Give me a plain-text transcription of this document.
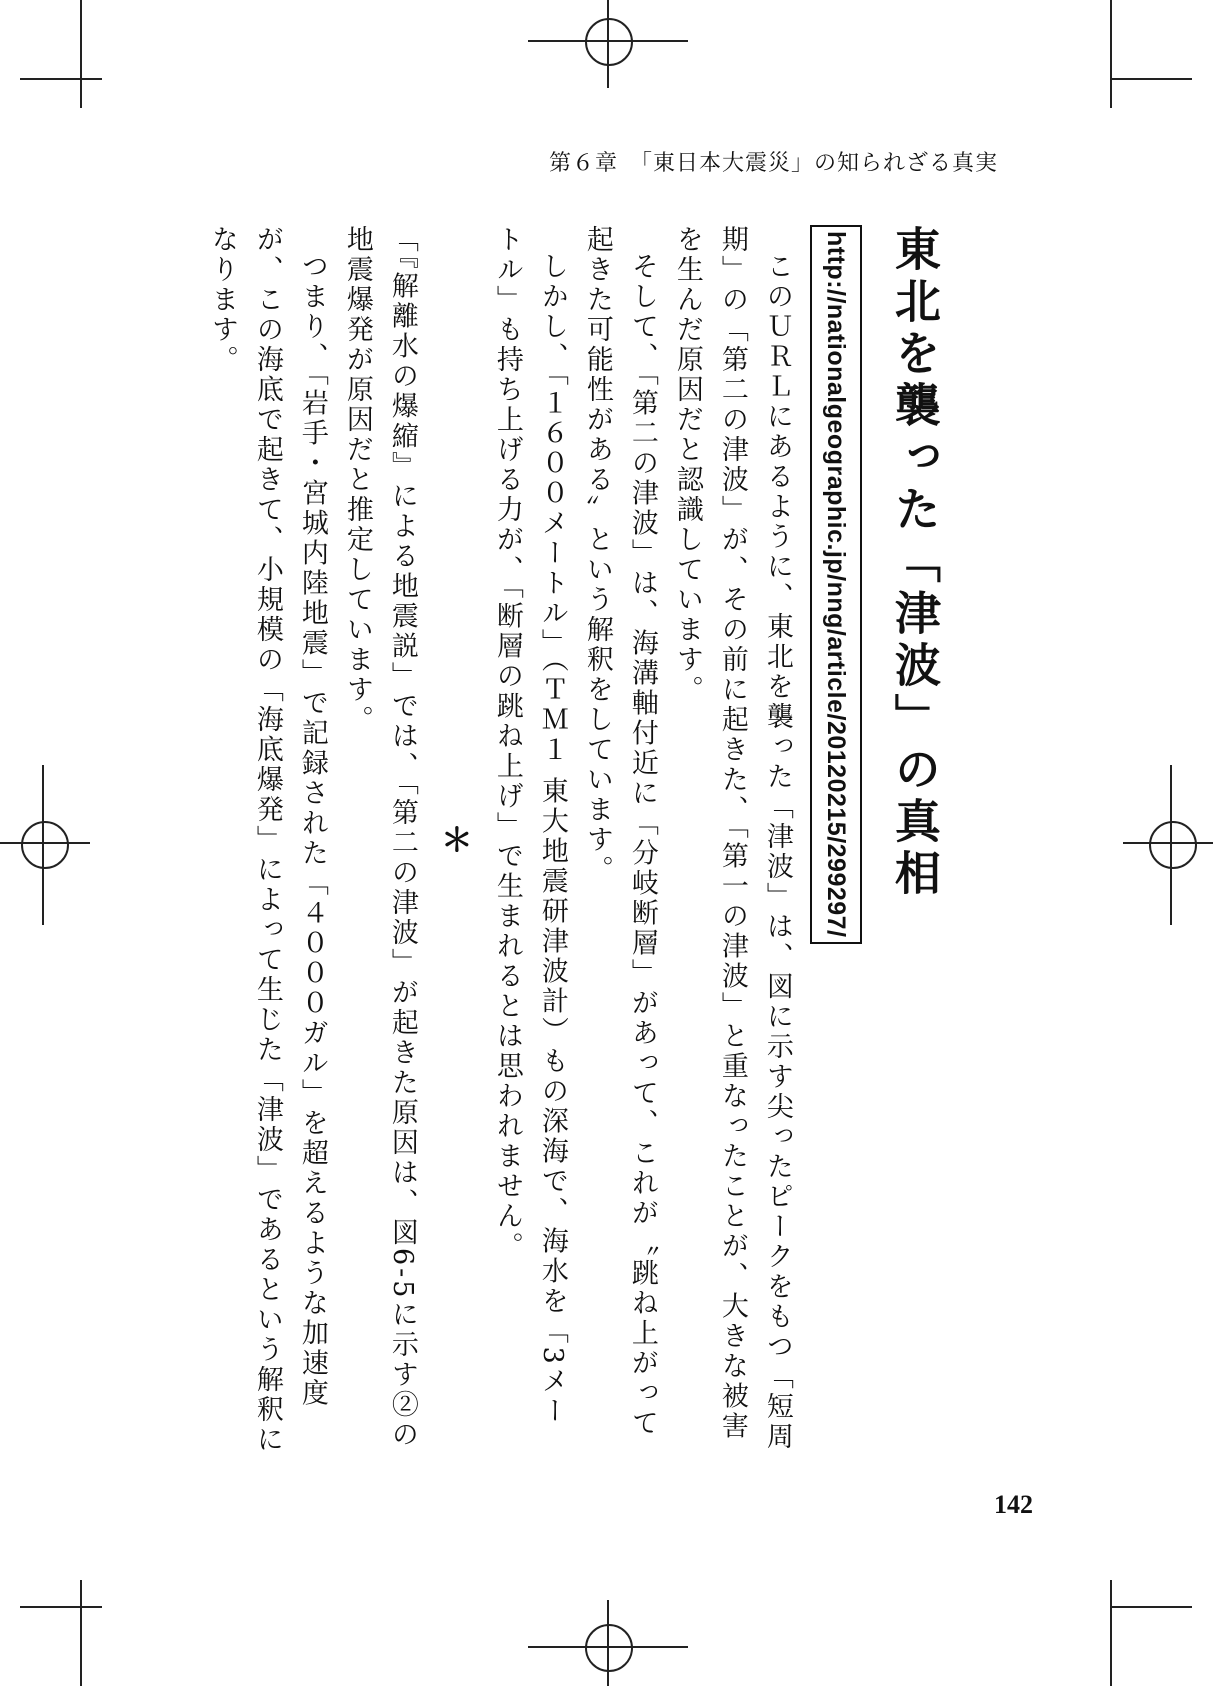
第６章　「東日本大震災」の知られざる真実
東北を襲った「津波」の真相
http://nationalgeographic.jp/nng/article/20120215/299297/

このＵＲＬにあるように、東北を襲った「津波」は、図に示す尖ったピークをもつ「短周期」の「第二の津波」が、その前に起きた、「第一の津波」と重なったことが、大きな被害を生んだ原因だと認識しています。

そして、「第二の津波」は、海溝軸付近に「分岐断層」があって、これが〝跳ね上がって起きた可能性がある〟という解釈をしています。

しかし、「１６００メートル」（ＴＭ１ 東大地震研津波計）もの深海で、海水を「3メートル」も持ち上げる力が、「断層の跳ね上げ」で生まれるとは思われません。

＊

「『解離水の爆縮』による地震説」では、「第二の津波」が起きた原因は、図6-5に示す②の地震爆発が原因だと推定しています。

つまり、「岩手・宮城内陸地震」で記録された「４０００ガル」を超えるような加速度が、この海底で起きて、小規模の「海底爆発」によって生じた「津波」であるという解釈になります。

142
